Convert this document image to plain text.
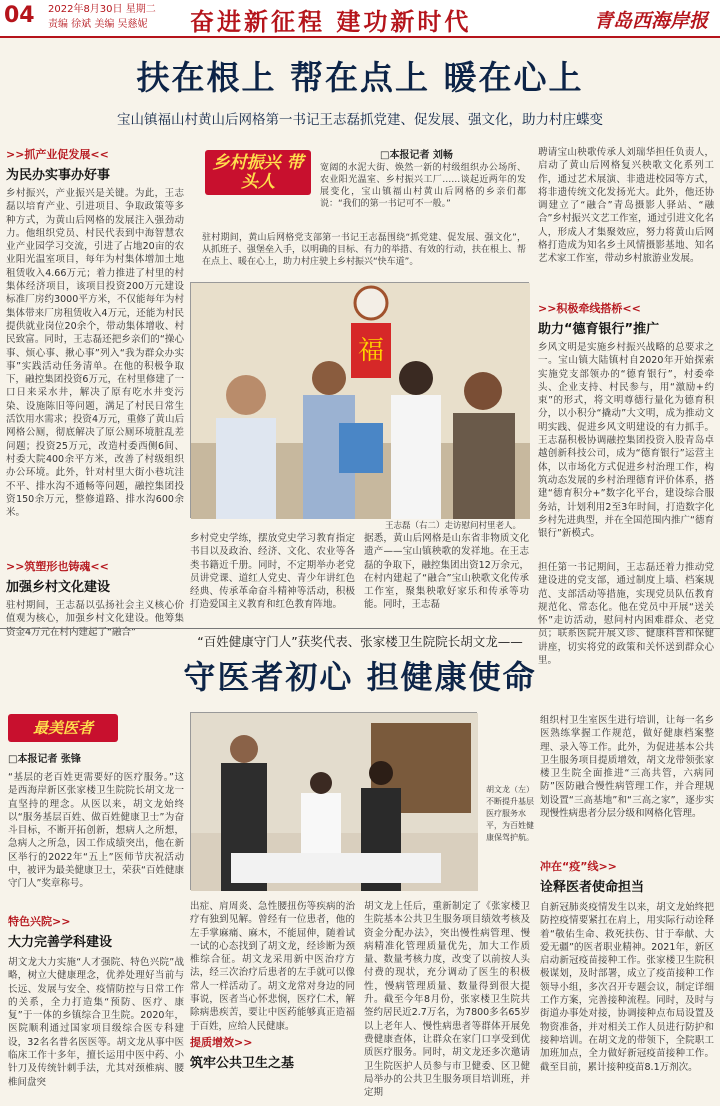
04 2022年8月30日 星期二
责编 徐斌 美编 吴慈妮 奋进新征程 建功新时代	青岛西海岸报
扶在根上 帮在点上 暖在心上
宝山镇福山村黄山后网格第一书记王志磊抓党建、促发展、强文化，助力村庄蝶变
>>抓产业促发展<<
为民办实事办好事
乡村振兴，产业振兴是关键。为此，王志磊以培育产业、引进项目、争取政策等多种方式，为黄山后网格的发展注入强劲动力。他组织党员、村民代表到中海智慧农业产业园学习交流，引进了占地20亩的农业阳光温室项目，每年为村集体增加土地租赁收入4.66万元；着力推进了村里的村集体经济项目，该项目投资200万元建设标准厂房约3000平方米，不仅能每年为村集体带来厂房租赁收入4万元，还能为村民提供就业岗位20余个，带动集体增收、村民致富。同时，王志磊还把乡亲们的“操心事、烦心事、揪心事”列入“我为群众办实事”实践活动任务清单。在他的积极争取下，融控集团投资6万元，在村里修建了一口日来采水井，解决了原有吃水井变污染、设施陈旧等问题，满足了村民日常生活饮用水需求；投资4万元，重修了黄山后网格公厕，彻底解决了原公厕环境脏乱差问题；投资25万元，改造村委西侧6间、村委大院400余平方米，改善了村级组织办公环境。此外，针对村里大街小巷坑洼不平、排水沟不通畅等问题，融控集团投资150余万元，整修道路、排水沟600余米。
>>筑塑形也铸魂<<
加强乡村文化建设
驻村期间，王志磊以弘扬社会主义核心价值观为核心，加强乡村文化建设。他筹集资金4万元在村内建起了“融合”
乡村振兴 带头人
□本报记者 刘畅
宽阔的水泥大街、焕然一新的村级组织办公场所、农业阳光温室、乡村振兴工厂……谈起近两年的发展变化，宝山镇福山村黄山后网格的乡亲们都说：“我们的第一书记可不一般。”
驻村期间，黄山后网格党支部第一书记王志磊围绕“抓党建、促发展、强文化”，从抓班子、强堡垒入手，以明确的目标、有力的举措、有效的行动，扶在根上、帮在点上、暖在心上，助力村庄驶上乡村振兴“快车道”。
福
王志磊（右二）走访慰问村里老人。
乡村党史学练，摆放党史学习教育指定书目以及政治、经济、文化、农业等各类书籍近千册。同时，不定期举办老党员讲党课、道红人党史、青少年讲红色经典、传承革命奋斗精神等活动，积极打造爱国主义教育和红色教育阵地。
据悉，黄山后网格是山东省非物质文化遗产——宝山镇秧歌的发祥地。在王志磊的争取下，融控集团出资12万余元，在村内建起了“融合”宝山秧歌文化传承工作室，聚集秧歌好家乐和传承等功能。同时，王志磊
聘请宝山秧歌传承人刘瑞华担任负责人，启动了黄山后网格复兴秧歌文化系列工作，通过艺术展演、非遗进校园等方式，将非遗传统文化发扬光大。此外，他还协调建立了“融合”青岛摄影人驿站、“融合”乡村振兴文艺工作室，通过引进文化名人，形成人才集聚效应，努力将黄山后网格打造成为知名乡土风情摄影基地、知名艺术家工作室，带动乡村旅游业发展。
>>积极牵线搭桥<<
助力“德育银行”推广
乡风文明是实施乡村振兴战略的总要求之一。宝山镇大陆镇村自2020年开始探索实施党支部领办的“德育银行”，村委牵头、企业支持、村民参与，用“激励+约束”的形式，将文明尊德行量化为德育积分，以小积分“撬动”大文明，成为推动文明实践、促进乡风文明建设的有力抓手。王志磊积极协调融控集团投资入股青岛卓越创新科技公司，成为“德育银行”运营主体，以市场化方式促进乡村治理工作，构筑动态发展的乡村治理德育评价体系，搭建“德育积分+”数字化平台，建设综合服务站，计划利用2至3年时间，打造数字化乡村先进典型，并在全国范围内推广“德育银行”新模式。
担任第一书记期间，王志磊还着力推动党建设进的党支部，通过制度上墙、档案规范、支部活动等措施，实现党员队伍教育规范化、常态化。他在党员中开展“送关怀”走访活动，慰问村内困难群众、老党员；联系医院开展义诊、健康科普和保健讲座，切实将党的政策和关怀送到群众心里。
“百姓健康守门人”获奖代表、张家楼卫生院院长胡文龙——
守医者初心 担健康使命
最美医者
□本报记者 张锋
“基层的老百姓更需要好的医疗服务。”这是西海岸新区张家楼卫生院院长胡文龙一直坚持的理念。从医以来，胡文龙始终以“服务基层百姓、做百姓健康卫士”为奋斗目标，不断开拓创新，想病人之所想，急病人之所急，因工作成绩突出，他在新区举行的2022年“五上”医师节庆祝活动中，被评为最美健康卫士，荣获“百姓健康守门人”奖章称号。
特色兴院>>
大力完善学科建设
胡文龙大力实施“人才强院、特色兴院”战略，树立大健康理念，优养处理好当前与长远、发展与安全、疫情防控与日常工作的关系，全力打造集“预防、医疗、康复”于一体的乡镇综合卫生院。2020年，医院顺利通过国家项目级综合医专科建设，32名名普名医医等。胡文龙从事中医临床工作十多年，擅长运用中医中药、小针刀及传统针刺手法，尤其对颈椎病、腰椎间盘突
胡文龙（左）不断提升基层医疗服务水平，为百姓健康保驾护航。
出症、肩周炎、急性腰扭伤等疾病的治疗有独到见解。曾经有一位患者，他的左手掌麻痛、麻木，不能屈伸，随着试一试的心态找到了胡文龙，经诊断为颈椎综合征。胡文龙采用新中医治疗方法，经三次治疗后患者的左手就可以像常人一样活动了。胡文龙常对身边的同事说，医者当心怀悲悯，医疗仁术，解除病患疾苦，要让中医药能够真正造福于百姓，应给人民健康。
提质增效>>
筑牢公共卫生之基
胡文龙上任后，重新制定了《张家楼卫生院基本公共卫生服务项目绩效考核及资金分配办法》，突出慢性病管理、慢病精准化管理质量优先，加大工作质量、数量考核力度，改变了以前按人头付费的现状，充分调动了医生的积极性，慢病管理质量、数量得到很大提升。截至今年8月份，张家楼卫生院共签约居民近2.7万名，为7800多名65岁以上老年人、慢性病患者等群体开展免费健康查体，让群众在家门口享受到优质医疗服务。同时，胡文龙还多次邀请卫生院医护人员参与市卫健委、区卫健局举办的公共卫生服务项目培训班，并定期
组织村卫生室医生进行培训，让每一名乡医熟练掌握工作规范，做好健康档案整理、录入等工作。此外，为促进基本公共卫生服务项目提质增效，胡文龙带领张家楼卫生院全面推进“三高共管，六病同防”医防融合慢性病管理工作，并合理规划设置“三高基地”和“三高之家”，逐步实现慢性病患者分层分级和网格化管理。
冲在“疫”线>>
诠释医者使命担当
自新冠肺炎疫情发生以来，胡文龙始终把防控疫情要紧扛在肩上，用实际行动诠释着“敬佑生命、救死扶伤、甘于奉献、大爱无疆”的医者职业精神。2021年，新区启动新冠疫苗接种工作。张家楼卫生院积极谋划，及时部署，成立了疫苗接种工作领导小组，多次召开专题会议，制定详细工作方案，完善接种流程。同时，及时与街道办事处对接，协调接种点布局设置及物资准备，并对相关工作人员进行防护和接种培训。在胡文龙的带领下，全院职工加班加点，全力做好新冠疫苗接种工作。截至目前，累计接种疫苗8.1万剂次。
